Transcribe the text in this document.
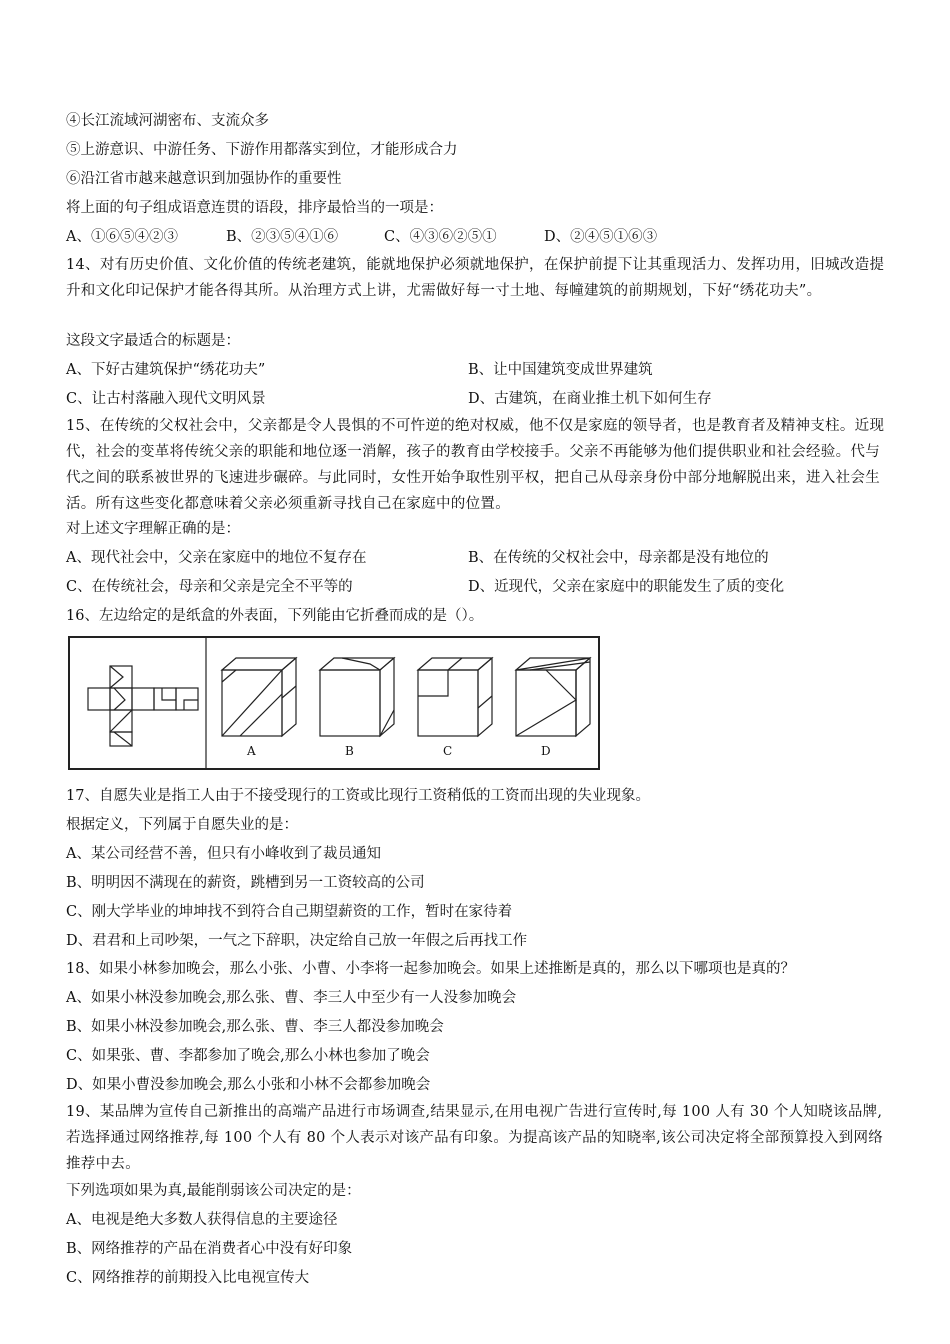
④长江流域河湖密布、支流众多
⑤上游意识、中游任务、下游作用都落实到位，才能形成合力
⑥沿江省市越来越意识到加强协作的重要性
将上面的句子组成语意连贯的语段，排序最恰当的一项是：
A、①⑥⑤④②③	B、②③⑤④①⑥	C、④③⑥②⑤①	D、②④⑤①⑥③
14、对有历史价值、文化价值的传统老建筑，能就地保护必须就地保护，在保护前提下让其重现活力、发挥功用，旧城改造提升和文化印记保护才能各得其所。从治理方式上讲，尤需做好每一寸土地、每幢建筑的前期规划，下好“绣花功夫”。
这段文字最适合的标题是：
A、下好古建筑保护“绣花功夫”	B、让中国建筑变成世界建筑
C、让古村落融入现代文明风景	D、古建筑，在商业推土机下如何生存
15、在传统的父权社会中，父亲都是令人畏惧的不可忤逆的绝对权威，他不仅是家庭的领导者，也是教育者及精神支柱。近现代，社会的变革将传统父亲的职能和地位逐一消解，孩子的教育由学校接手。父亲不再能够为他们提供职业和社会经验。代与代之间的联系被世界的飞速进步碾碎。与此同时，女性开始争取性别平权，把自己从母亲身份中部分地解脱出来，进入社会生活。所有这些变化都意味着父亲必须重新寻找自己在家庭中的位置。
对上述文字理解正确的是：
A、现代社会中，父亲在家庭中的地位不复存在	B、在传统的父权社会中，母亲都是没有地位的
C、在传统社会，母亲和父亲是完全不平等的	D、近现代，父亲在家庭中的职能发生了质的变化
16、左边给定的是纸盒的外表面，下列能由它折叠而成的是（）。
A	B	C	D
17、自愿失业是指工人由于不接受现行的工资或比现行工资稍低的工资而出现的失业现象。
根据定义，下列属于自愿失业的是：
A、某公司经营不善，但只有小峰收到了裁员通知
B、明明因不满现在的薪资，跳槽到另一工资较高的公司
C、刚大学毕业的坤坤找不到符合自己期望薪资的工作，暂时在家待着
D、君君和上司吵架，一气之下辞职，决定给自己放一年假之后再找工作
18、如果小林参加晚会，那么小张、小曹、小李将一起参加晚会。如果上述推断是真的，那么以下哪项也是真的？
A、如果小林没参加晚会,那么张、曹、李三人中至少有一人没参加晚会
B、如果小林没参加晚会,那么张、曹、李三人都没参加晚会
C、如果张、曹、李都参加了晚会,那么小林也参加了晚会
D、如果小曹没参加晚会,那么小张和小林不会都参加晚会
19、某品牌为宣传自己新推出的高端产品进行市场调查,结果显示,在用电视广告进行宣传时,每 100 人有 30 个人知晓该品牌,若选择通过网络推荐,每 100 个人有 80 个人表示对该产品有印象。为提高该产品的知晓率,该公司决定将全部预算投入到网络推荐中去。
下列选项如果为真,最能削弱该公司决定的是：
A、电视是绝大多数人获得信息的主要途径
B、网络推荐的产品在消费者心中没有好印象
C、网络推荐的前期投入比电视宣传大
